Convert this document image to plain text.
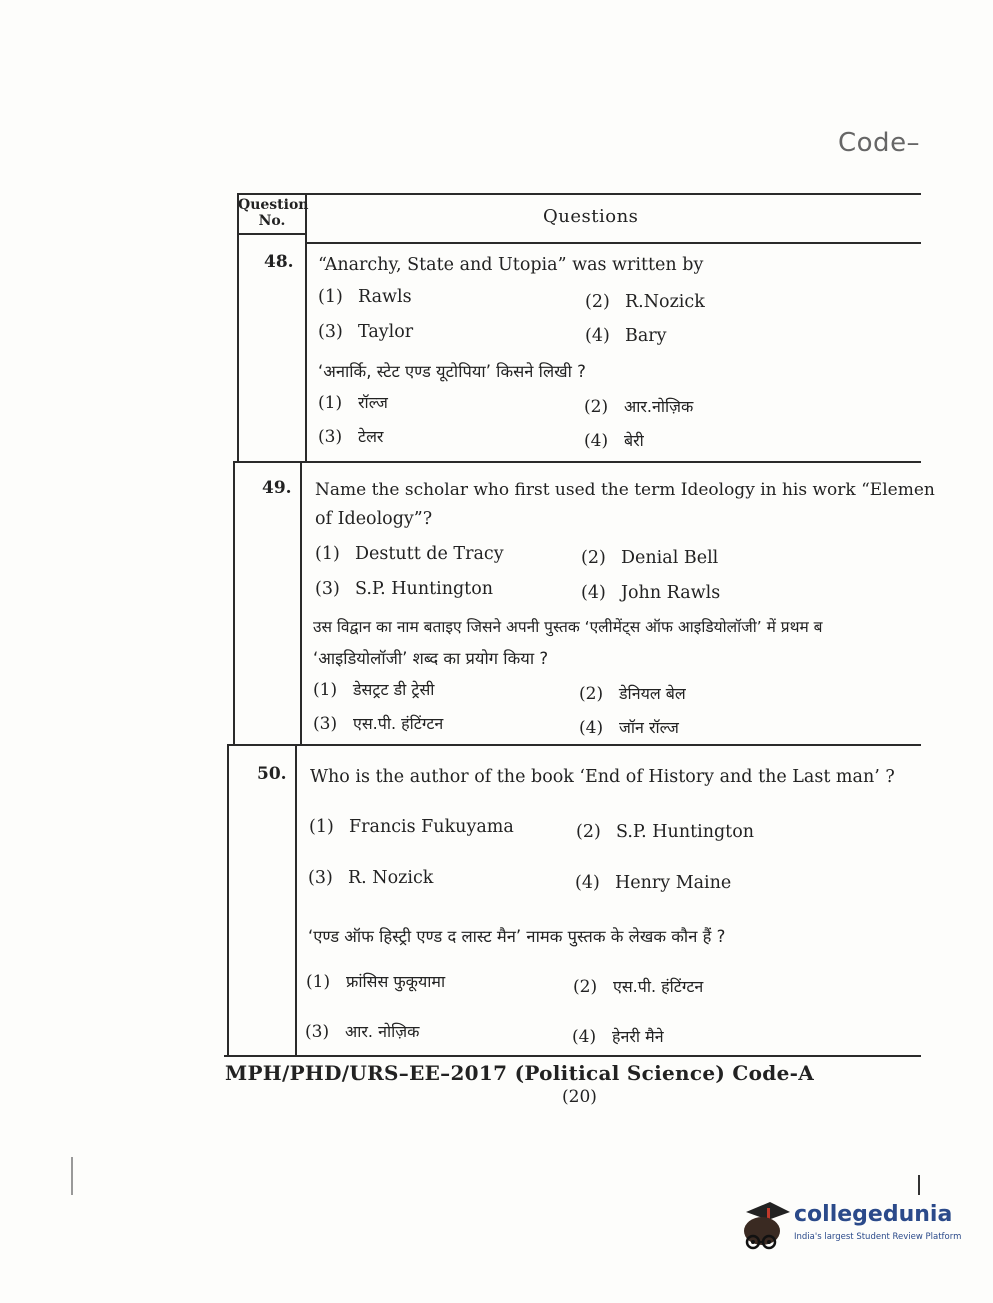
Code–
Question No.	Questions
48. “Anarchy, State and Utopia” was written by
(1) Rawls	(2) R.Nozick
(3) Taylor	(4) Bary
‘अनार्कि, स्टेट एण्ड यूटोपिया’ किसने लिखी ?
(1) रॉल्ज	(2) आर.नोज़िक
(3) टेलर	(4) बेरी
49. Name the scholar who first used the term Ideology in his work “Elemen
of Ideology”?
(1) Destutt de Tracy	(2) Denial Bell
(3) S.P. Huntington	(4) John Rawls
उस विद्वान का नाम बताइए जिसने अपनी पुस्तक ‘एलीमेंट्स ऑफ आइडियोलॉजी’ में प्रथम ब
‘आइडियोलॉजी’ शब्द का प्रयोग किया ?
(1) डेसट्रट डी ट्रेसी	(2) डेनियल बेल
(3) एस.पी. हंटिंग्टन	(4) जॉन रॉल्ज
50. Who is the author of the book ‘End of History and the Last man’ ?
(1) Francis Fukuyama	(2) S.P. Huntington
(3) R. Nozick	(4) Henry Maine
‘एण्ड ऑफ हिस्ट्री एण्ड द लास्ट मैन’ नामक पुस्तक के लेखक कौन हैं ?
(1) फ्रांसिस फुकूयामा	(2) एस.पी. हंटिंग्टन
(3) आर. नोज़िक	(4) हेनरी मैने
MPH/PHD/URS–EE–2017 (Political Science) Code-A
(20)
collegedunia
India's largest Student Review Platform
